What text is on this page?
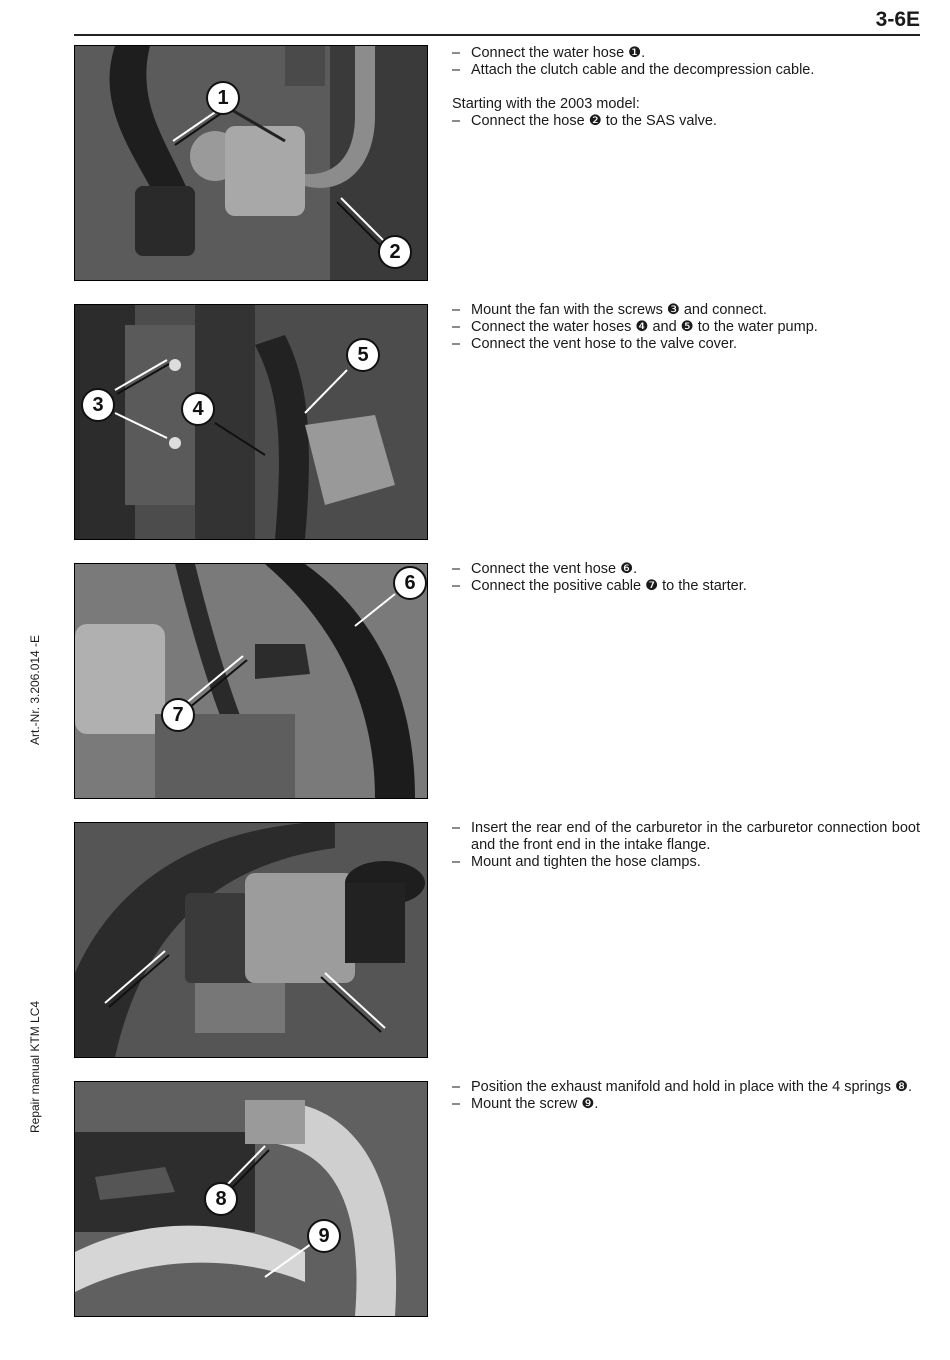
3-6E
Art.-Nr. 3.206.014 -E
Repair manual KTM LC4
1
2
– Connect the water hose ❶.
– Attach the clutch cable and the decompression cable.
Starting with the 2003 model:
– Connect the hose ❷ to the SAS valve.
3	4
5
– Mount the fan with the screws ❸ and connect.
– Connect the water hoses ❹ and ❺ to the water pump.
– Connect the vent hose to the valve cover.
6
7
– Connect the vent hose ❻.
– Connect the positive cable ❼ to the starter.
– Insert the rear end of the carburetor in the carburetor connection boot and the front end in the intake flange.
– Mount and tighten the hose clamps.
8
9
– Position the exhaust manifold and hold in place with the 4 springs ❽.
– Mount the screw ❾.
